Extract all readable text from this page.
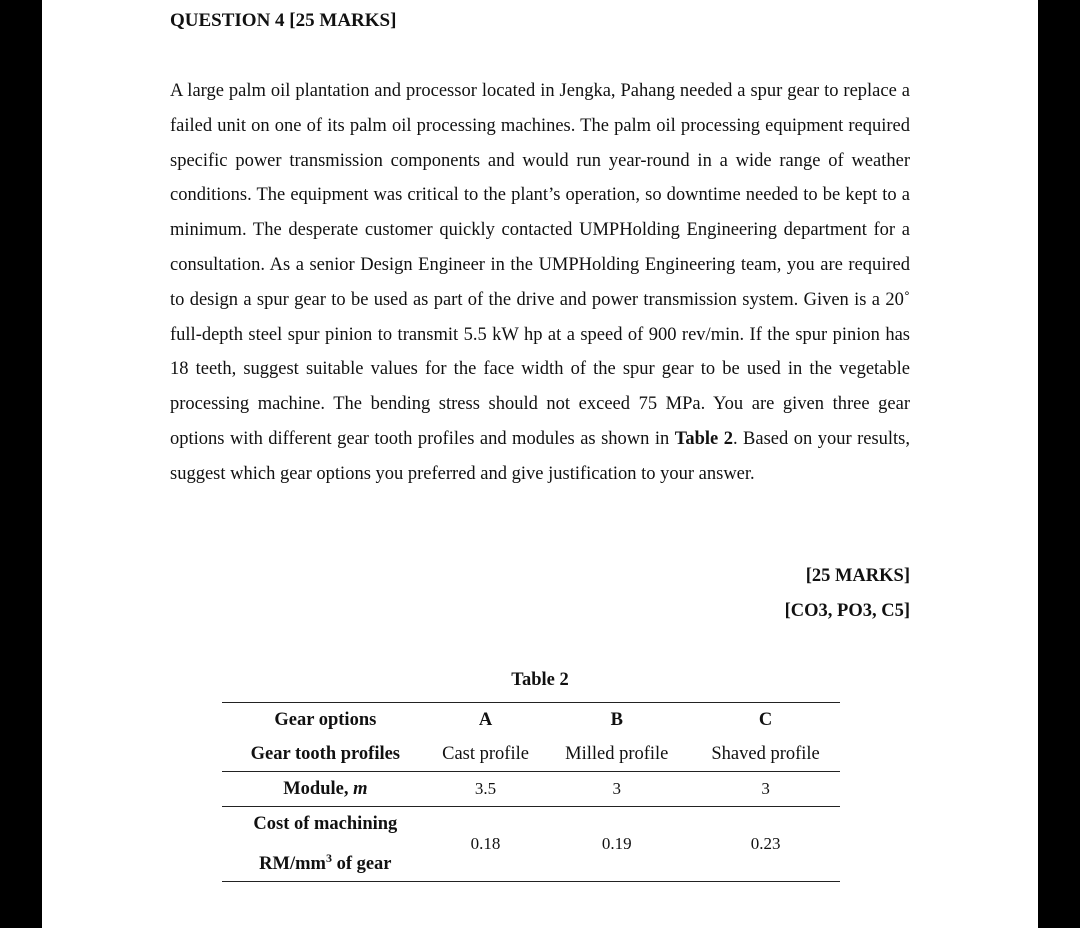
QUESTION 4 [25 MARKS]

A large palm oil plantation and processor located in Jengka, Pahang needed a spur gear to replace a failed unit on one of its palm oil processing machines. The palm oil processing equipment required specific power transmission components and would run year-round in a wide range of weather conditions. The equipment was critical to the plant’s operation, so downtime needed to be kept to a minimum. The desperate customer quickly contacted UMPHolding Engineering department for a consultation. As a senior Design Engineer in the UMPHolding Engineering team, you are required to design a spur gear to be used as part of the drive and power transmission system. Given is a 20˚ full-depth steel spur pinion to transmit 5.5 kW hp at a speed of 900 rev/min. If the spur pinion has 18 teeth, suggest suitable values for the face width of the spur gear to be used in the vegetable processing machine. The bending stress should not exceed 75 MPa. You are given three gear options with different gear tooth profiles and modules as shown in Table 2. Based on your results, suggest which gear options you preferred and give justification to your answer.

[25 MARKS]
[CO3, PO3, C5]
Table 2
Gear options	A	B	C
Gear tooth profiles	Cast profile	Milled profile	Shaved profile
Module, m	3.5	3	3
Cost of machining
$RM/mm^3$ of gear	0.18	0.19	0.23
